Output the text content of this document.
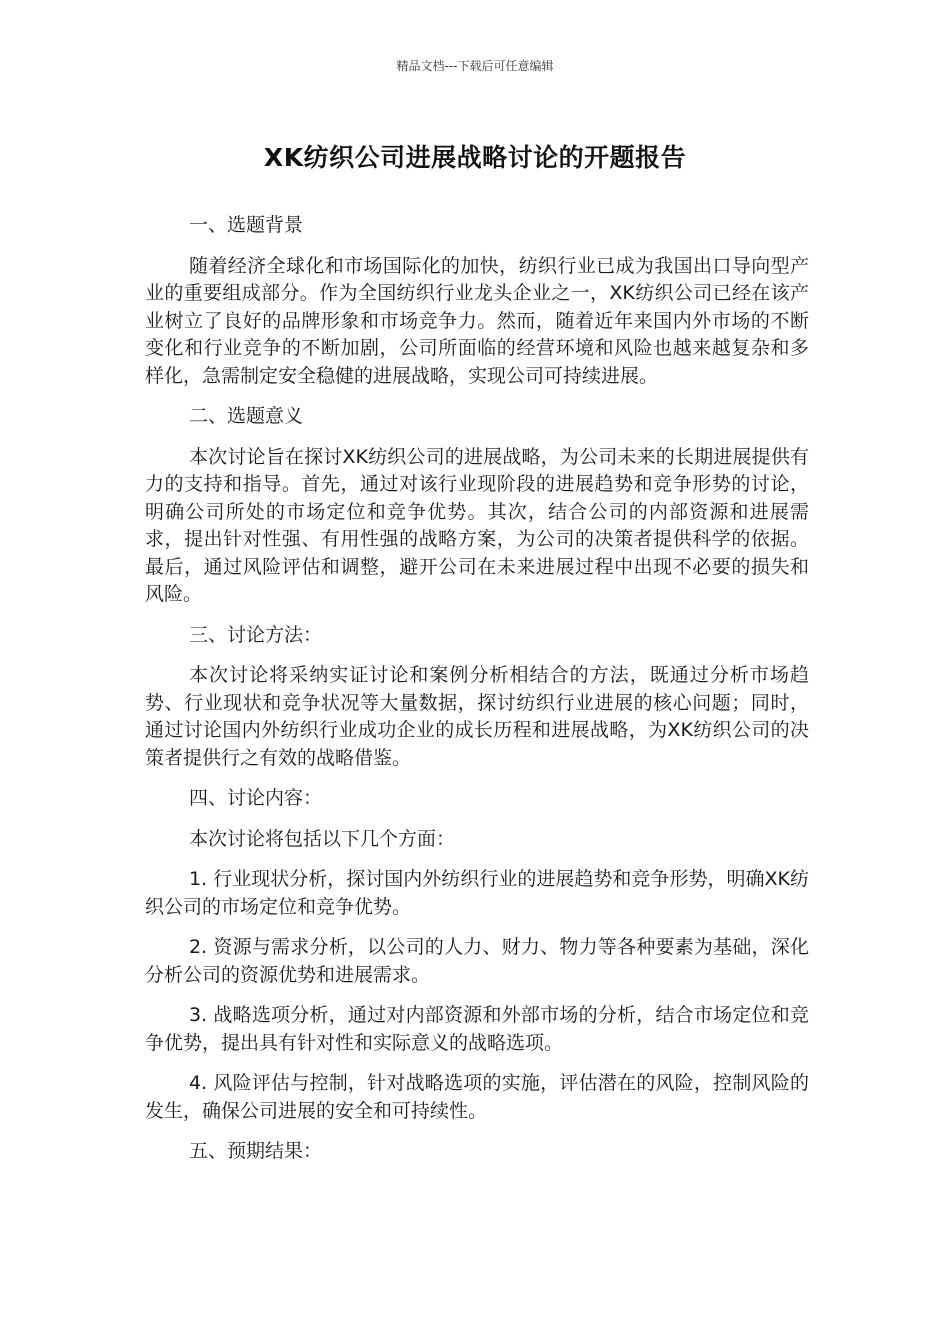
精品文档---下载后可任意编辑
XK纺织公司进展战略讨论的开题报告

一、选题背景

随着经济全球化和市场国际化的加快，纺织行业已成为我国出口导向型产业的重要组成部分。作为全国纺织行业龙头企业之一，XK纺织公司已经在该产业树立了良好的品牌形象和市场竞争力。然而，随着近年来国内外市场的不断变化和行业竞争的不断加剧，公司所面临的经营环境和风险也越来越复杂和多样化，急需制定安全稳健的进展战略，实现公司可持续进展。

二、选题意义

本次讨论旨在探讨XK纺织公司的进展战略，为公司未来的长期进展提供有力的支持和指导。首先，通过对该行业现阶段的进展趋势和竞争形势的讨论，明确公司所处的市场定位和竞争优势。其次，结合公司的内部资源和进展需求，提出针对性强、有用性强的战略方案，为公司的决策者提供科学的依据。最后，通过风险评估和调整，避开公司在未来进展过程中出现不必要的损失和风险。

三、讨论方法：

本次讨论将采纳实证讨论和案例分析相结合的方法，既通过分析市场趋势、行业现状和竞争状况等大量数据，探讨纺织行业进展的核心问题；同时，通过讨论国内外纺织行业成功企业的成长历程和进展战略，为XK纺织公司的决策者提供行之有效的战略借鉴。

四、讨论内容：

本次讨论将包括以下几个方面：

1. 行业现状分析，探讨国内外纺织行业的进展趋势和竞争形势，明确XK纺织公司的市场定位和竞争优势。

2. 资源与需求分析，以公司的人力、财力、物力等各种要素为基础，深化分析公司的资源优势和进展需求。

3. 战略选项分析，通过对内部资源和外部市场的分析，结合市场定位和竞争优势，提出具有针对性和实际意义的战略选项。

4. 风险评估与控制，针对战略选项的实施，评估潜在的风险，控制风险的发生，确保公司进展的安全和可持续性。

五、预期结果：
